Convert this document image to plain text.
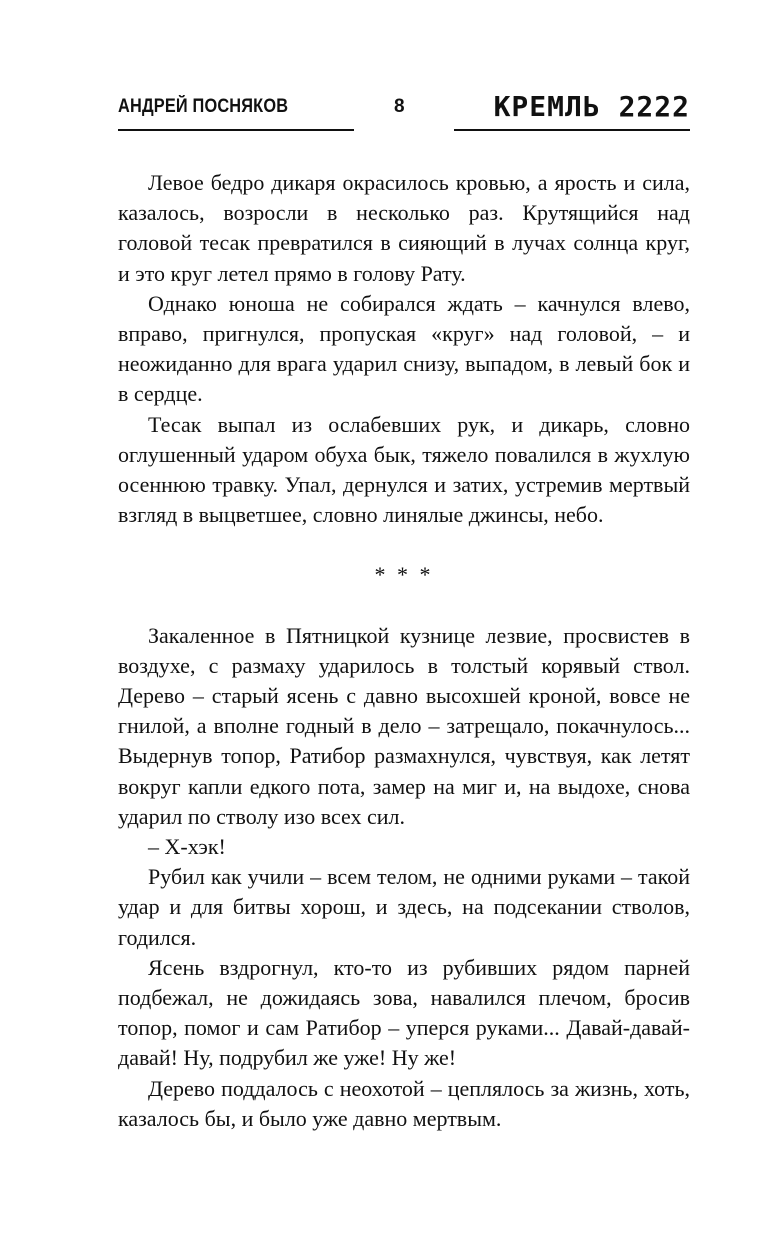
АНДРЕЙ ПОСНЯКОВ	8	КРЕМЛЬ 2222

Левое бедро дикаря окрасилось кровью, а ярость и сила, казалось, возросли в несколько раз. Крутящийся над головой тесак превратился в сияющий в лучах солнца круг, и это круг летел прямо в голову Рату.

Однако юноша не собирался ждать – качнулся влево, вправо, пригнулся, пропуская «круг» над головой, – и неожиданно для врага ударил снизу, выпадом, в левый бок и в сердце.

Тесак выпал из ослабевших рук, и дикарь, словно оглушенный ударом обуха бык, тяжело повалился в жухлую осеннюю травку. Упал, дернулся и затих, устремив мертвый взгляд в выцветшее, словно линялые джинсы, небо.

* * *

Закаленное в Пятницкой кузнице лезвие, просвистев в воздухе, с размаху ударилось в толстый корявый ствол. Дерево – старый ясень с давно высохшей кроной, вовсе не гнилой, а вполне годный в дело – затрещало, покачнулось... Выдернув топор, Ратибор размахнулся, чувствуя, как летят вокруг капли едкого пота, замер на миг и, на выдохе, снова ударил по стволу изо всех сил.

– Х-хэк!

Рубил как учили – всем телом, не одними руками – такой удар и для битвы хорош, и здесь, на подсекании стволов, годился.

Ясень вздрогнул, кто-то из рубивших рядом парней подбежал, не дожидаясь зова, навалился плечом, бросив топор, помог и сам Ратибор – уперся руками... Давай-давай-давай! Ну, подрубил же уже! Ну же!

Дерево поддалось с неохотой – цеплялось за жизнь, хоть, казалось бы, и было уже давно мертвым.
